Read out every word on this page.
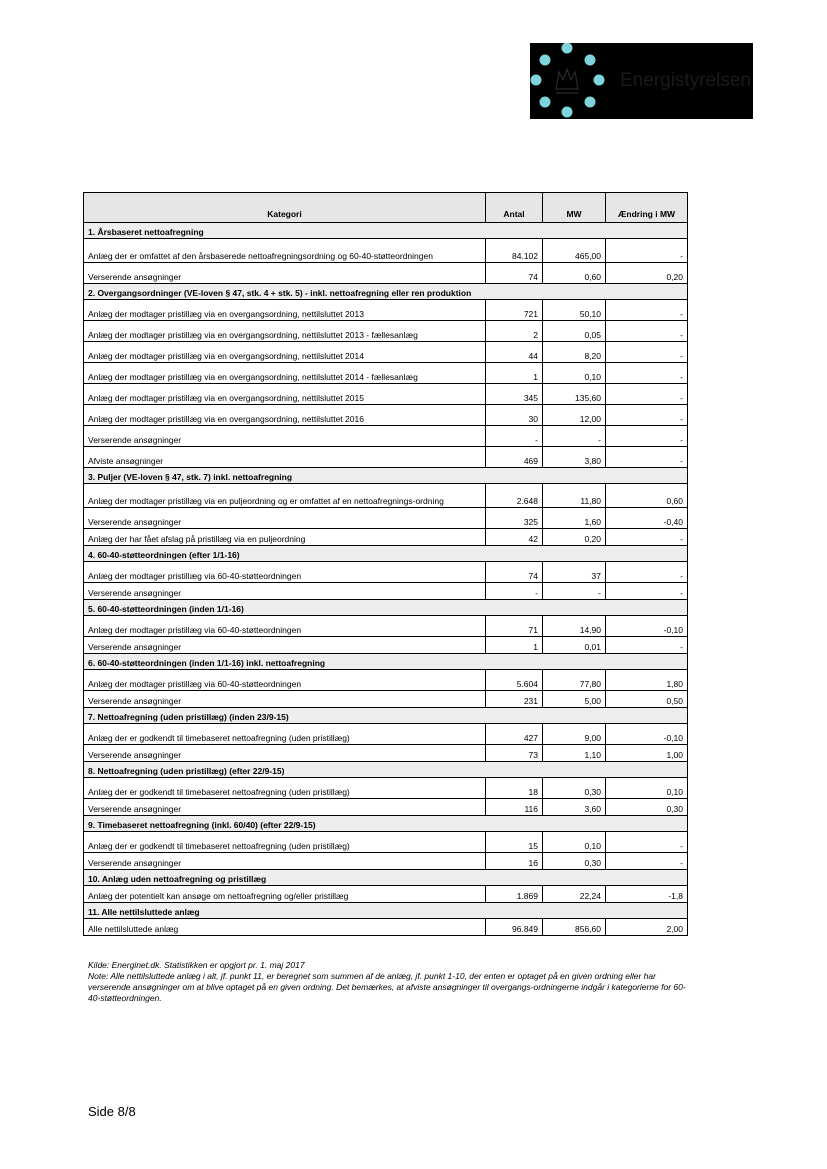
Energistyrelsen
Kategori	Antal	MW	Ændring i MW
1. Årsbaseret nettoafregning			
Anlæg der er omfattet af den årsbaserede nettoafregningsordning og 60-40-støtteordningen	84.102	465,00	-
Verserende ansøgninger	74	0,60	0,20
2. Overgangsordninger (VE-loven § 47, stk. 4 + stk. 5) - inkl. nettoafregning eller ren produktion			
Anlæg der modtager pristillæg via en overgangsordning, nettilsluttet 2013	721	50,10	-
Anlæg der modtager pristillæg via en overgangsordning, nettilsluttet 2013 - fællesanlæg	2	0,05	-
Anlæg der modtager pristillæg via en overgangsordning, nettilsluttet 2014	44	8,20	-
Anlæg der modtager pristillæg via en overgangsordning, nettilsluttet 2014 - fællesanlæg	1	0,10	-
Anlæg der modtager pristillæg via en overgangsordning, nettilsluttet 2015	345	135,60	-
Anlæg der modtager pristillæg via en overgangsordning, nettilsluttet 2016	30	12,00	-
Verserende ansøgninger	-	-	-
Afviste ansøgninger	469	3,80	-
3. Puljer (VE-loven § 47, stk. 7) inkl. nettoafregning			
Anlæg der modtager pristillæg via en puljeordning og er omfattet af en nettoafregnings-ordning	2.648	11,80	0,60
Verserende ansøgninger	325	1,60	-0,40
Anlæg der har fået afslag på pristillæg via en puljeordning	42	0,20	-
4. 60-40-støtteordningen (efter 1/1-16)			
Anlæg der modtager pristillæg via 60-40-støtteordningen	74	37	-
Verserende ansøgninger	-	-	-
5. 60-40-støtteordningen (inden 1/1-16)			
Anlæg der modtager pristillæg via 60-40-støtteordningen	71	14,90	-0,10
Verserende ansøgninger	1	0,01	-
6. 60-40-støtteordningen (inden 1/1-16) inkl. nettoafregning			
Anlæg der modtager pristillæg via 60-40-støtteordningen	5.604	77,80	1,80
Verserende ansøgninger	231	5,00	0,50
7. Nettoafregning (uden pristillæg) (inden 23/9-15)			
Anlæg der er godkendt til timebaseret nettoafregning (uden pristillæg)	427	9,00	-0,10
Verserende ansøgninger	73	1,10	1,00
8. Nettoafregning (uden pristillæg) (efter 22/9-15)			
Anlæg der er godkendt til timebaseret nettoafregning (uden pristillæg)	18	0,30	0,10
Verserende ansøgninger	116	3,60	0,30
9. Timebaseret nettoafregning (inkl. 60/40) (efter 22/9-15)			
Anlæg der er godkendt til timebaseret nettoafregning (uden pristillæg)	15	0,10	-
Verserende ansøgninger	16	0,30	-
10. Anlæg uden nettoafregning og pristillæg			
Anlæg der potentielt kan ansøge om nettoafregning og/eller pristillæg	1.869	22,24	-1,8
11. Alle nettilsluttede anlæg			
Alle nettilsluttede anlæg	96.849	856,60	2,00

Kilde: Energinet.dk. Statistikken er opgjort pr. 1. maj 2017

Note: Alle nettilsluttede anlæg i alt, jf. punkt 11, er beregnet som summen af de anlæg, jf. punkt 1-10, der enten er optaget på en given ordning eller har verserende ansøgninger om at blive optaget på en given ordning. Det bemærkes, at afviste ansøgninger til overgangs-ordningerne indgår i kategorierne for 60-40-støtteordningen.

Side 8/8
